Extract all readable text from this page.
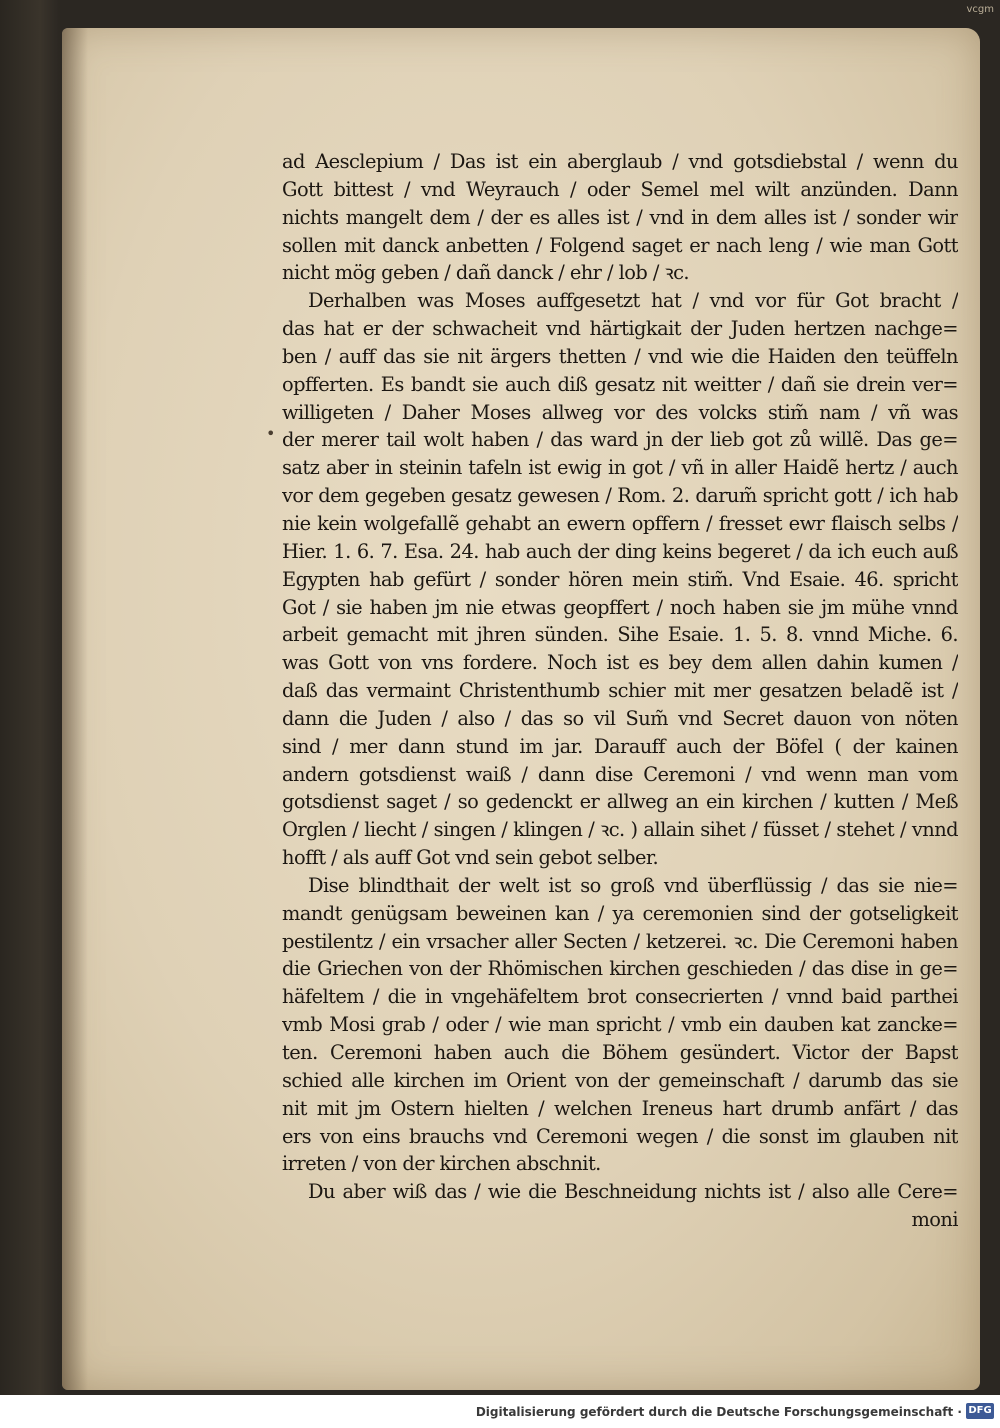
vcgm
ad Aesclepium / Das ist ein aberglaub / vnd gotsdiebstal / wenn du
Gott bittest / vnd Weyrauch / oder Semel mel wilt anzünden. Dann
nichts mangelt dem / der es alles ist / vnd in dem alles ist / sonder wir
sollen mit danck anbetten / Folgend saget er nach leng / wie man Gott
nicht mög geben / dañ danck / ehr / lob / ꝛc.
Derhalben was Moses auffgesetzt hat / vnd vor für Got bracht /
das hat er der schwacheit vnd härtigkait der Juden hertzen nachge=
ben / auff das sie nit ärgers thetten / vnd wie die Haiden den teüffeln
opfferten. Es bandt sie auch diß gesatz nit weitter / dañ sie drein ver=
willigeten / Daher Moses allweg vor des volcks stim̃ nam / vñ was
der merer tail wolt haben / das ward jn der lieb got zů willẽ. Das ge=
satz aber in steinin tafeln ist ewig in got / vñ in aller Haidẽ hertz / auch
vor dem gegeben gesatz gewesen / Rom. 2. darum̃ spricht gott / ich hab
nie kein wolgefallẽ gehabt an ewern opffern / fresset ewr flaisch selbs /
Hier. 1. 6. 7. Esa. 24. hab auch der ding keins begeret / da ich euch auß
Egypten hab gefürt / sonder hören mein stim̃. Vnd Esaie. 46. spricht
Got / sie haben jm nie etwas geopffert / noch haben sie jm mühe vnnd
arbeit gemacht mit jhren sünden. Sihe Esaie. 1. 5. 8. vnnd Miche. 6.
was Gott von vns fordere. Noch ist es bey dem allen dahin kumen /
daß das vermaint Christenthumb schier mit mer gesatzen beladẽ ist /
dann die Juden / also / das so vil Sum̃ vnd Secret dauon von nöten
sind / mer dann stund im jar. Darauff auch der Böfel ( der kainen
andern gotsdienst waiß / dann dise Ceremoni / vnd wenn man vom
gotsdienst saget / so gedenckt er allweg an ein kirchen / kutten / Meß
Orglen / liecht / singen / klingen / ꝛc. ) allain sihet / füsset / stehet / vnnd
hofft / als auff Got vnd sein gebot selber.
Dise blindthait der welt ist so groß vnd überflüssig / das sie nie=
mandt genügsam beweinen kan / ya ceremonien sind der gotseligkeit
pestilentz / ein vrsacher aller Secten / ketzerei. ꝛc. Die Ceremoni haben
die Griechen von der Rhömischen kirchen geschieden / das dise in ge=
häfeltem / die in vngehäfeltem brot consecrierten / vnnd baid parthei
vmb Mosi grab / oder / wie man spricht / vmb ein dauben kat zancke=
ten. Ceremoni haben auch die Böhem gesündert. Victor der Bapst
schied alle kirchen im Orient von der gemeinschaft / darumb das sie
nit mit jm Ostern hielten / welchen Ireneus hart drumb anfärt / das
ers von eins brauchs vnd Ceremoni wegen / die sonst im glauben nit
irreten / von der kirchen abschnit.
Du aber wiß das / wie die Beschneidung nichts ist / also alle Cere=
moni
•
Digitalisierung gefördert durch die Deutsche Forschungsgemeinschaft · DFG
